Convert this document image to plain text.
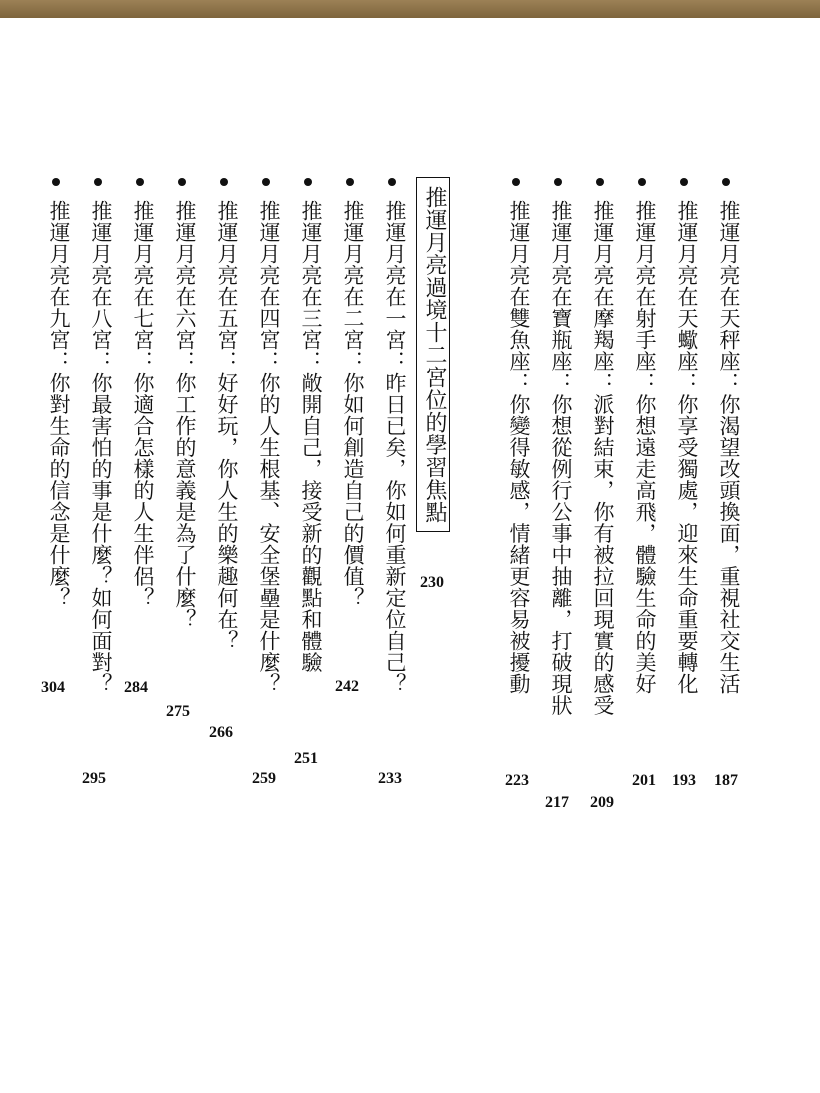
推運月亮在天秤座：你渴望改頭換面，重視社交生活
187
推運月亮在天蠍座：你享受獨處，迎來生命重要轉化
193
推運月亮在射手座：你想遠走高飛，體驗生命的美好
201
推運月亮在摩羯座：派對結束，你有被拉回現實的感受
209
推運月亮在寶瓶座：你想從例行公事中抽離，打破現狀
217
推運月亮在雙魚座：你變得敏感，情緒更容易被擾動
223
推運月亮過境十二宮位的學習焦點
230
推運月亮在一宮：昨日已矣，你如何重新定位自己？
233
推運月亮在二宮：你如何創造自己的價值？
242
推運月亮在三宮：敞開自己，接受新的觀點和體驗
251
推運月亮在四宮：你的人生根基、安全堡壘是什麼？
259
推運月亮在五宮：好好玩，你人生的樂趣何在？
266
推運月亮在六宮：你工作的意義是為了什麼？
275
推運月亮在七宮：你適合怎樣的人生伴侶？
284
推運月亮在八宮：你最害怕的事是什麼？如何面對？
295
推運月亮在九宮：你對生命的信念是什麼？
304
